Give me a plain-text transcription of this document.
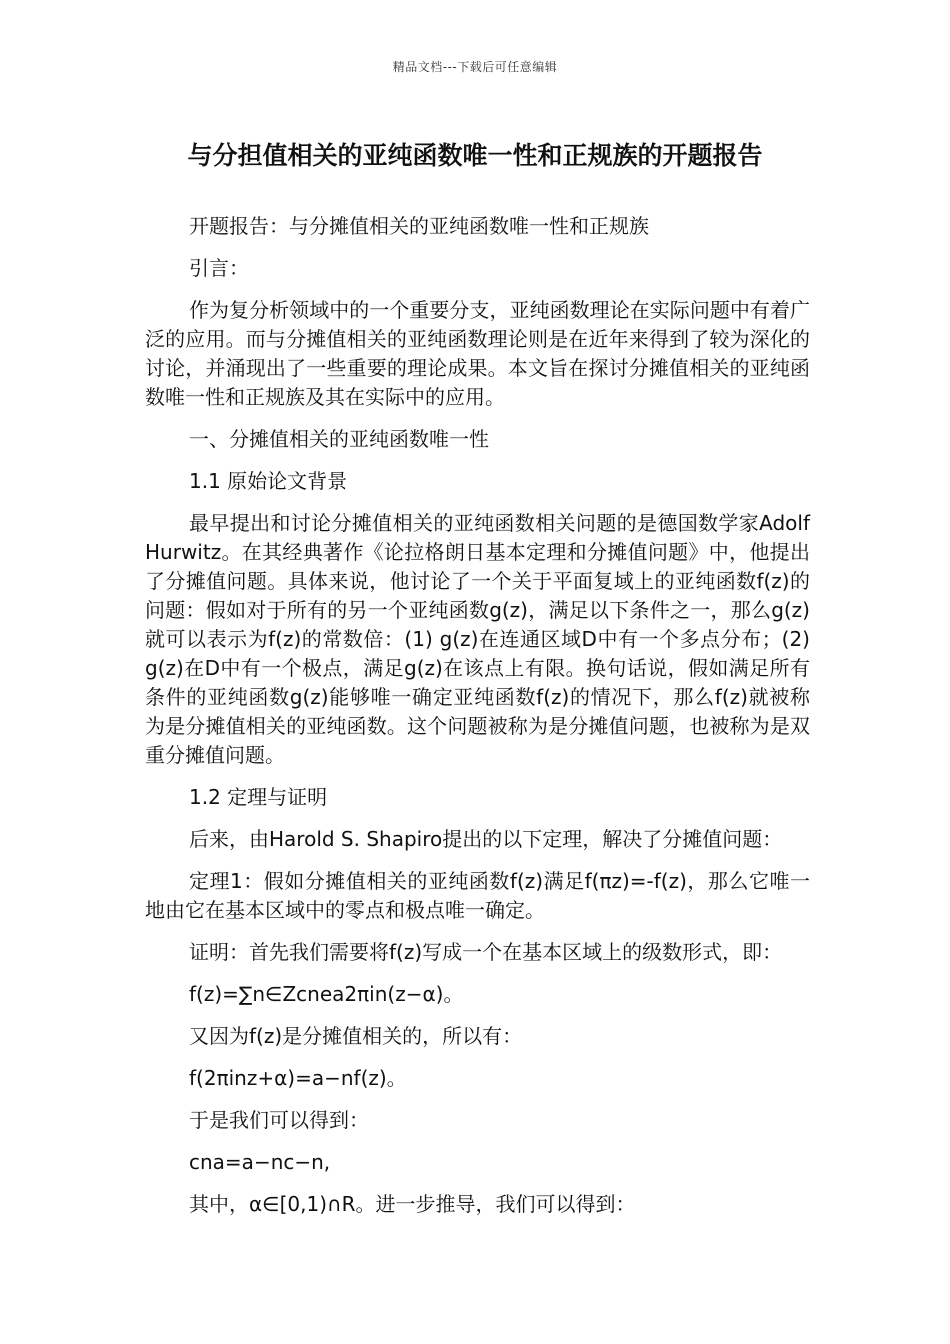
精品文档---下载后可任意编辑
与分担值相关的亚纯函数唯一性和正规族的开题报告

开题报告：与分摊值相关的亚纯函数唯一性和正规族

引言：

作为复分析领域中的一个重要分支，亚纯函数理论在实际问题中有着广泛的应用。而与分摊值相关的亚纯函数理论则是在近年来得到了较为深化的讨论，并涌现出了一些重要的理论成果。本文旨在探讨分摊值相关的亚纯函数唯一性和正规族及其在实际中的应用。

一、分摊值相关的亚纯函数唯一性

1.1 原始论文背景

最早提出和讨论分摊值相关的亚纯函数相关问题的是德国数学家Adolf Hurwitz。在其经典著作《论拉格朗日基本定理和分摊值问题》中，他提出了分摊值问题。具体来说，他讨论了一个关于平面复域上的亚纯函数f(z)的问题：假如对于所有的另一个亚纯函数g(z)，满足以下条件之一，那么g(z)就可以表示为f(z)的常数倍：(1) g(z)在连通区域D中有一个多点分布；(2) g(z)在D中有一个极点，满足g(z)在该点上有限。换句话说，假如满足所有条件的亚纯函数g(z)能够唯一确定亚纯函数f(z)的情况下，那么f(z)就被称为是分摊值相关的亚纯函数。这个问题被称为是分摊值问题，也被称为是双重分摊值问题。

1.2 定理与证明

后来，由Harold S. Shapiro提出的以下定理，解决了分摊值问题：

定理1：假如分摊值相关的亚纯函数f(z)满足f(πz)=-f(z)，那么它唯一地由它在基本区域中的零点和极点唯一确定。

证明：首先我们需要将f(z)写成一个在基本区域上的级数形式，即：

f(z)=∑n∈Zcnea2πin(z−α)。

又因为f(z)是分摊值相关的，所以有：

f(2πinz+α)=a−nf(z)。

于是我们可以得到：

cna=a−nc−n,

其中，α∈[0,1)∩R。进一步推导，我们可以得到：
